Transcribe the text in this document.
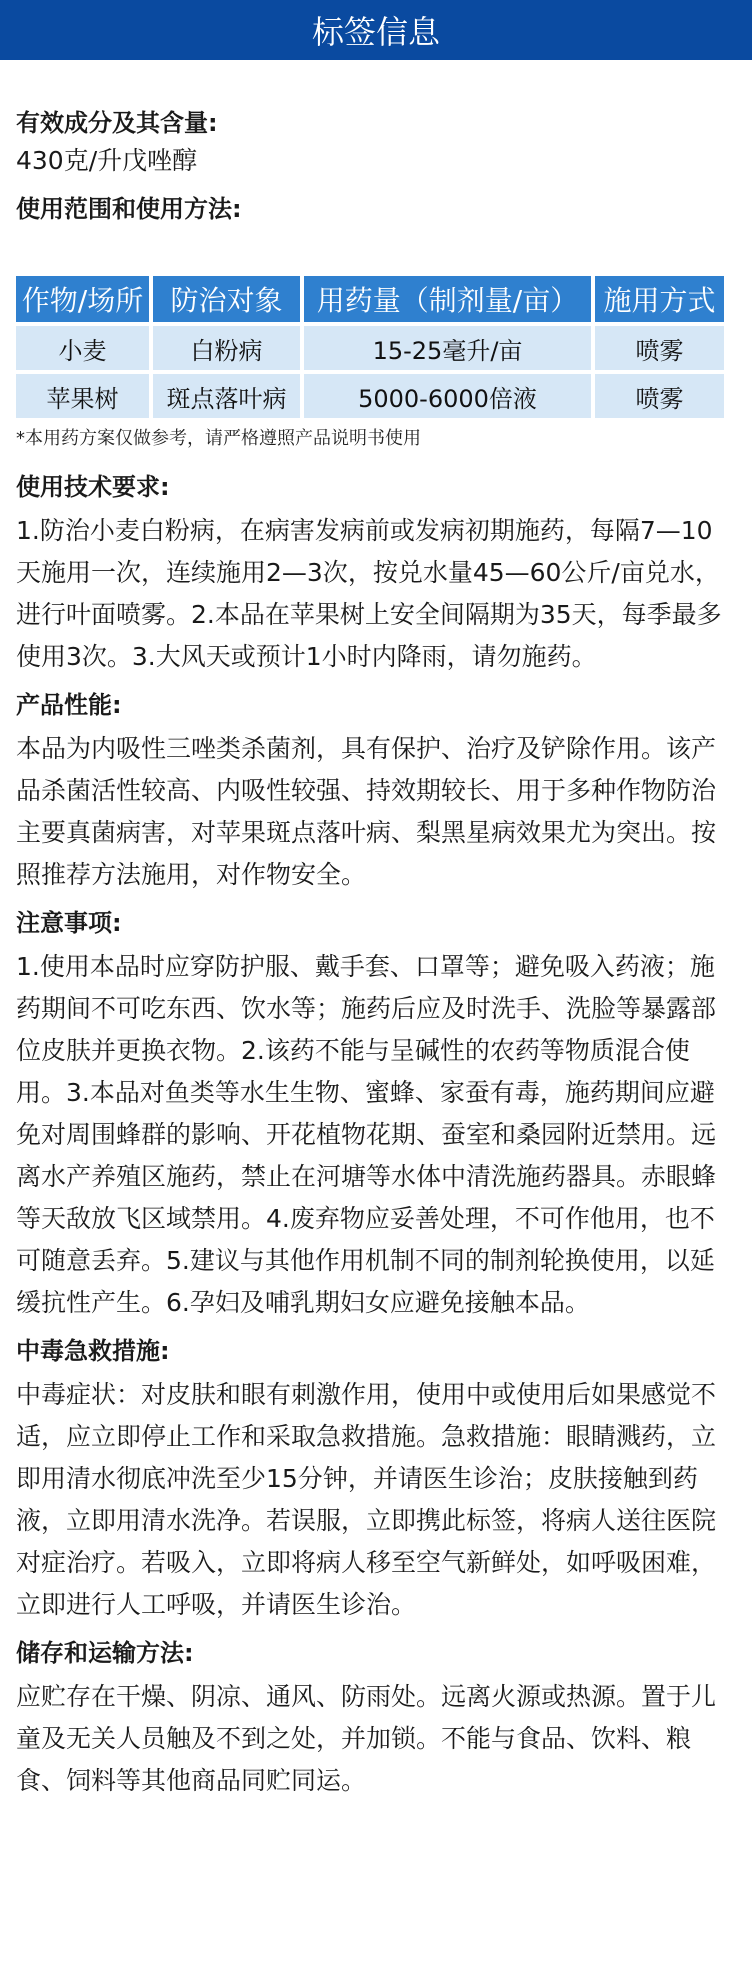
标签信息

有效成分及其含量:

430克/升戊唑醇

使用范围和使用方法:

作物/场所	防治对象	用药量（制剂量/亩）	施用方式
小麦	白粉病	15-25毫升/亩	喷雾
苹果树	斑点落叶病	5000-6000倍液	喷雾

*本用药方案仅做参考，请严格遵照产品说明书使用

使用技术要求:

1.防治小麦白粉病，在病害发病前或发病初期施药，每隔7—10天施用一次，连续施用2—3次，按兑水量45—60公斤/亩兑水，进行叶面喷雾。2.本品在苹果树上安全间隔期为35天，每季最多使用3次。3.大风天或预计1小时内降雨，请勿施药。

产品性能:

本品为内吸性三唑类杀菌剂，具有保护、治疗及铲除作用。该产品杀菌活性较高、内吸性较强、持效期较长、用于多种作物防治主要真菌病害，对苹果斑点落叶病、梨黑星病效果尤为突出。按照推荐方法施用，对作物安全。

注意事项:

1.使用本品时应穿防护服、戴手套、口罩等；避免吸入药液；施药期间不可吃东西、饮水等；施药后应及时洗手、洗脸等暴露部位皮肤并更换衣物。2.该药不能与呈碱性的农药等物质混合使用。3.本品对鱼类等水生生物、蜜蜂、家蚕有毒，施药期间应避免对周围蜂群的影响、开花植物花期、蚕室和桑园附近禁用。远离水产养殖区施药，禁止在河塘等水体中清洗施药器具。赤眼蜂等天敌放飞区域禁用。4.废弃物应妥善处理，不可作他用，也不可随意丢弃。5.建议与其他作用机制不同的制剂轮换使用，以延缓抗性产生。6.孕妇及哺乳期妇女应避免接触本品。

中毒急救措施:

中毒症状：对皮肤和眼有刺激作用，使用中或使用后如果感觉不适，应立即停止工作和采取急救措施。急救措施：眼睛溅药，立即用清水彻底冲洗至少15分钟，并请医生诊治；皮肤接触到药液，立即用清水洗净。若误服，立即携此标签，将病人送往医院对症治疗。若吸入，立即将病人移至空气新鲜处，如呼吸困难，立即进行人工呼吸，并请医生诊治。

储存和运输方法:

应贮存在干燥、阴凉、通风、防雨处。远离火源或热源。置于儿童及无关人员触及不到之处，并加锁。不能与食品、饮料、粮食、饲料等其他商品同贮同运。
